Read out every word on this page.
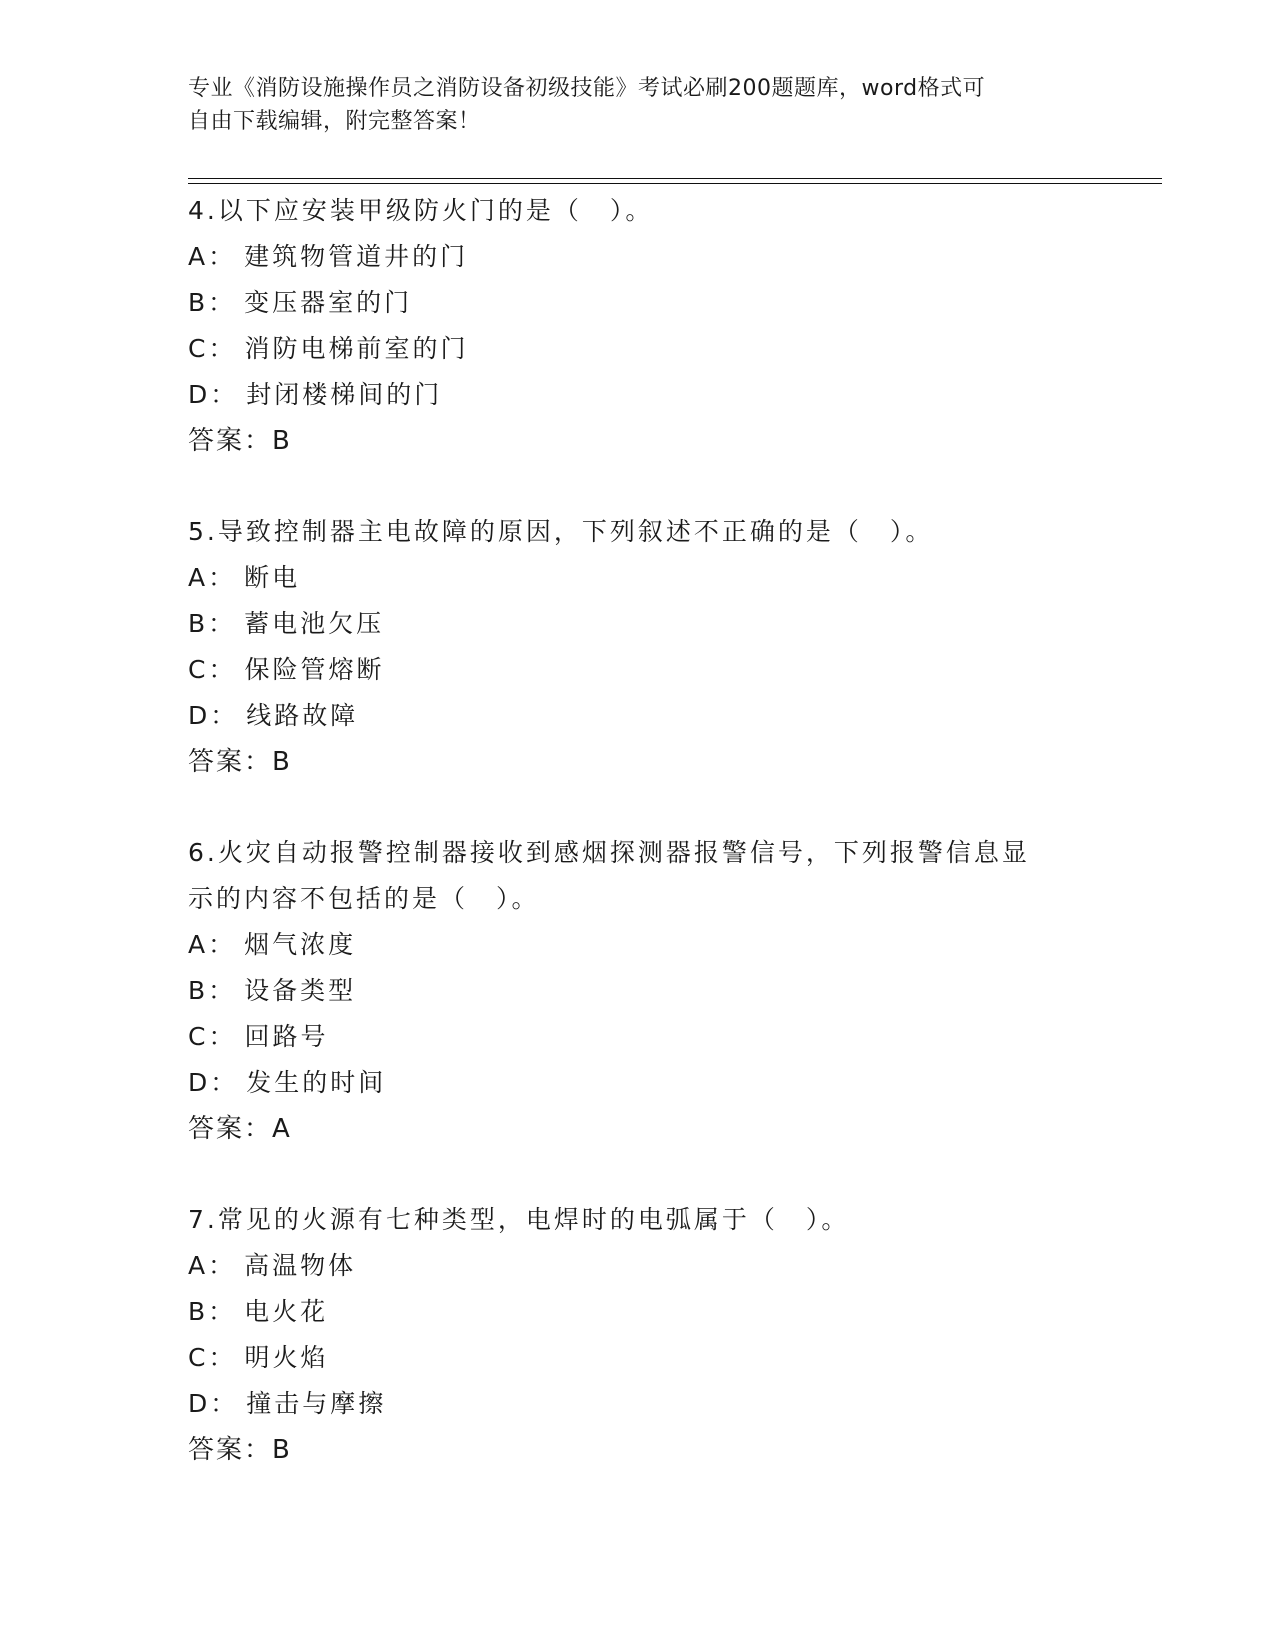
专业《消防设施操作员之消防设备初级技能》考试必刷200题题库，word格式可
自由下载编辑，附完整答案！
4.以下应安装甲级防火门的是（　）。
A： 建筑物管道井的门
B： 变压器室的门
C： 消防电梯前室的门
D： 封闭楼梯间的门
答案：B
5.导致控制器主电故障的原因，下列叙述不正确的是（　）。
A： 断电
B： 蓄电池欠压
C： 保险管熔断
D： 线路故障
答案：B
6.火灾自动报警控制器接收到感烟探测器报警信号，下列报警信息显
示的内容不包括的是（　）。
A： 烟气浓度
B： 设备类型
C： 回路号
D： 发生的时间
答案：A
7.常见的火源有七种类型，电焊时的电弧属于（　）。
A： 高温物体
B： 电火花
C： 明火焰
D： 撞击与摩擦
答案：B
